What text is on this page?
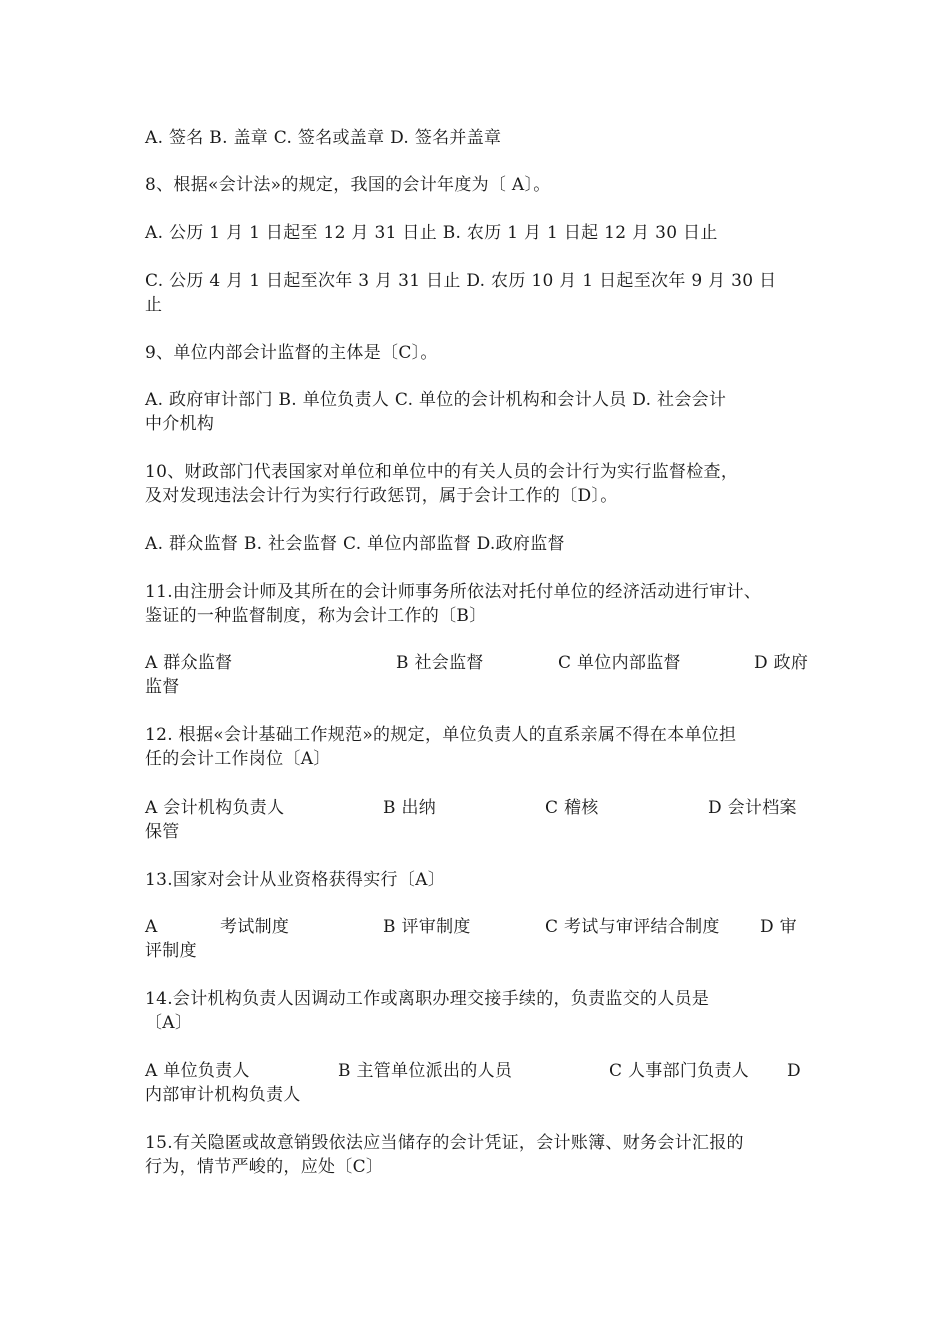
A. 签名 B. 盖章 C. 签名或盖章 D. 签名并盖章
8、根据«会计法»的规定，我国的会计年度为〔 A〕。
A. 公历 1 月 1 日起至 12 月 31 日止 B. 农历 1 月 1 日起 12 月 30 日止
C. 公历 4 月 1 日起至次年 3 月 31 日止 D. 农历 10 月 1 日起至次年 9 月 30 日
止
9、单位内部会计监督的主体是〔C〕。
A. 政府审计部门 B. 单位负责人 C. 单位的会计机构和会计人员 D. 社会会计
中介机构
10、财政部门代表国家对单位和单位中的有关人员的会计行为实行监督检查，
及对发现违法会计行为实行行政惩罚，属于会计工作的〔D〕。
A. 群众监督 B. 社会监督 C. 单位内部监督 D.政府监督
11.由注册会计师及其所在的会计师事务所依法对托付单位的经济活动进行审计、
鉴证的一种监督制度，称为会计工作的〔B〕
A 群众监督	B 社会监督	C 单位内部监督	D 政府
监督
12. 根据«会计基础工作规范»的规定，单位负责人的直系亲属不得在本单位担
任的会计工作岗位〔A〕
A 会计机构负责人	B 出纳	C 稽核	D 会计档案
保管
13.国家对会计从业资格获得实行〔A〕
A	考试制度	B 评审制度	C 考试与审评结合制度 D 审
评制度
14.会计机构负责人因调动工作或离职办理交接手续的，负责监交的人员是
〔A〕
A 单位负责人	B 主管单位派出的人员	C 人事部门负责人 D
内部审计机构负责人
15.有关隐匿或故意销毁依法应当储存的会计凭证，会计账簿、财务会计汇报的
行为，情节严峻的，应处〔C〕
